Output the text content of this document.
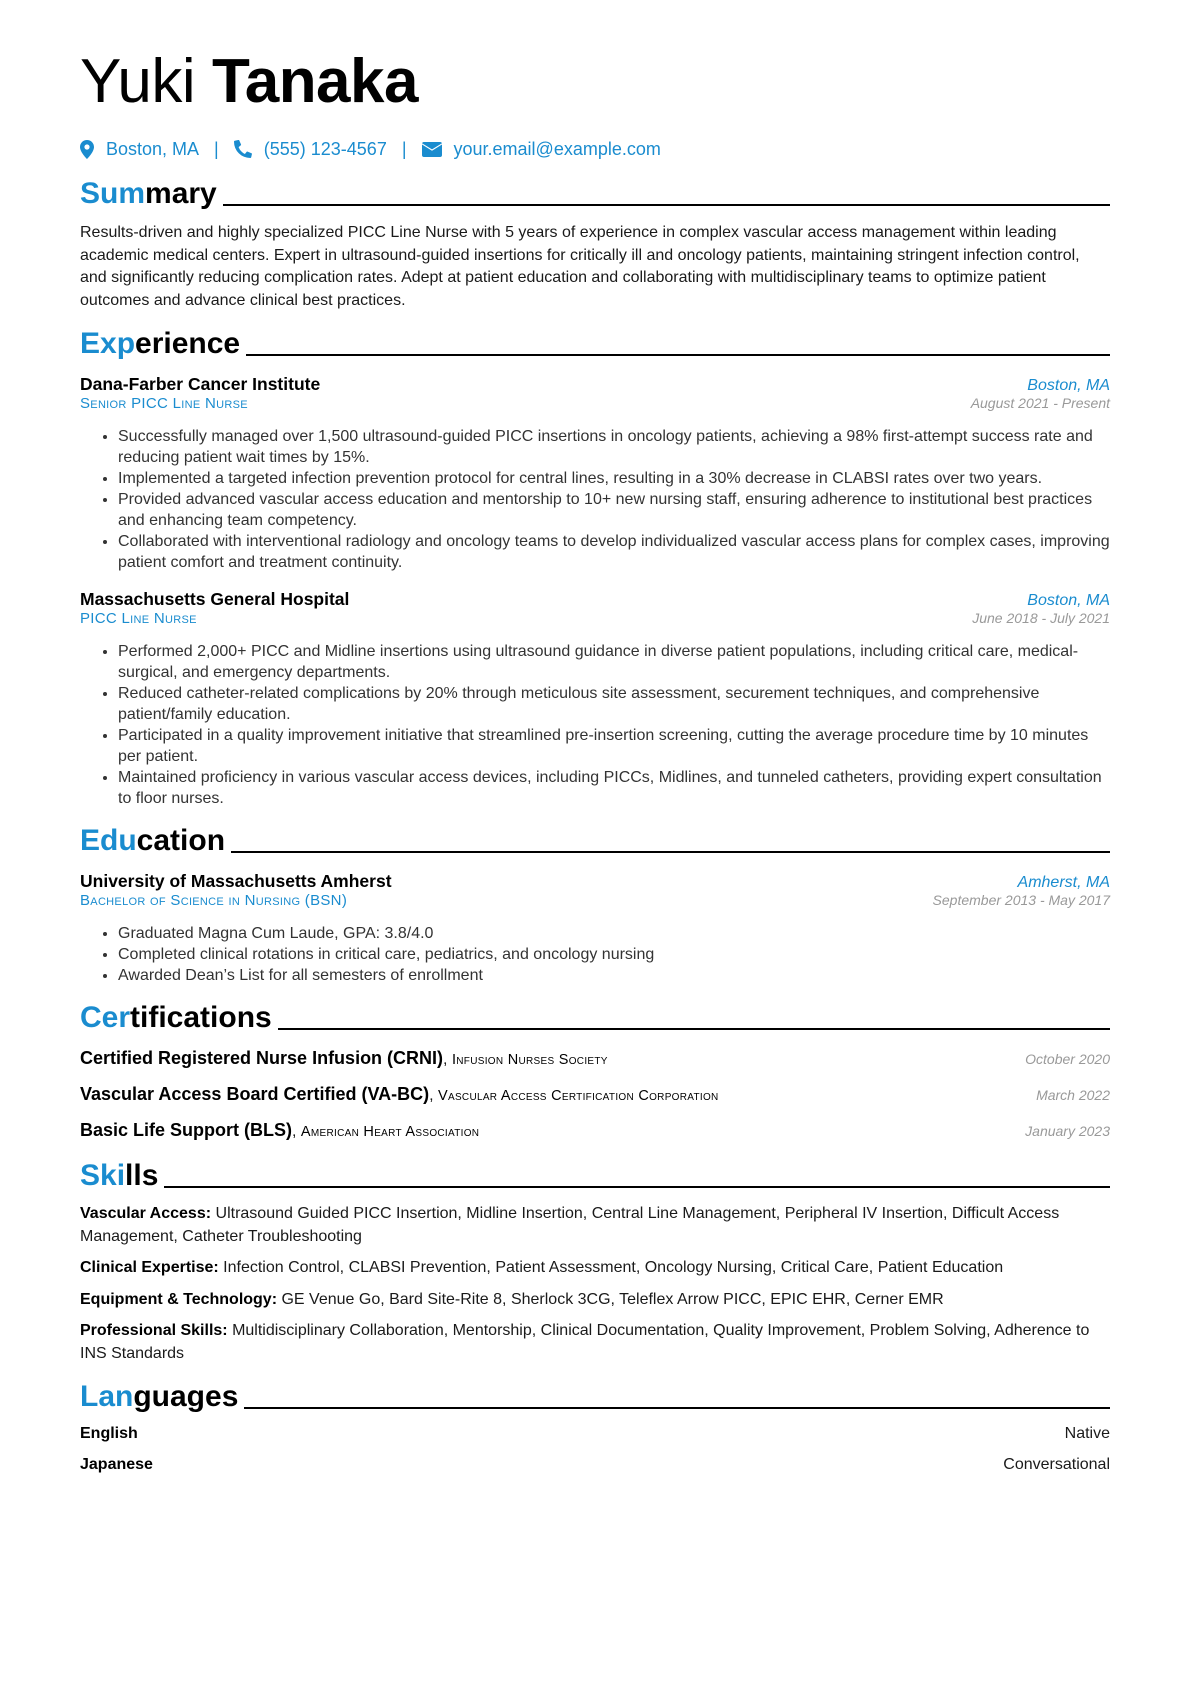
Yuki Tanaka
Boston, MA |	(555) 123-4567 |	your.email@example.com
Summary
Results-driven and highly specialized PICC Line Nurse with 5 years of experience in complex vascular access management within leading academic medical centers. Expert in ultrasound-guided insertions for critically ill and oncology patients, maintaining stringent infection control, and significantly reducing complication rates. Adept at patient education and collaborating with multidisciplinary teams to optimize patient outcomes and advance clinical best practices.
Experience
Dana-Farber Cancer Institute	Boston, MA
Senior PICC Line Nurse	August 2021 - Present
• Successfully managed over 1,500 ultrasound-guided PICC insertions in oncology patients, achieving a 98% first-attempt success rate and reducing patient wait times by 15%.
• Implemented a targeted infection prevention protocol for central lines, resulting in a 30% decrease in CLABSI rates over two years.
• Provided advanced vascular access education and mentorship to 10+ new nursing staff, ensuring adherence to institutional best practices and enhancing team competency.
• Collaborated with interventional radiology and oncology teams to develop individualized vascular access plans for complex cases, improving patient comfort and treatment continuity.
Massachusetts General Hospital	Boston, MA
PICC Line Nurse	June 2018 - July 2021
• Performed 2,000+ PICC and Midline insertions using ultrasound guidance in diverse patient populations, including critical care, medical-surgical, and emergency departments.
• Reduced catheter-related complications by 20% through meticulous site assessment, securement techniques, and comprehensive patient/family education.
• Participated in a quality improvement initiative that streamlined pre-insertion screening, cutting the average procedure time by 10 minutes per patient.
• Maintained proficiency in various vascular access devices, including PICCs, Midlines, and tunneled catheters, providing expert consultation to floor nurses.
Education
University of Massachusetts Amherst	Amherst, MA
Bachelor of Science in Nursing (BSN)	September 2013 - May 2017
• Graduated Magna Cum Laude, GPA: 3.8/4.0
• Completed clinical rotations in critical care, pediatrics, and oncology nursing
• Awarded Dean’s List for all semesters of enrollment
Certifications
Certified Registered Nurse Infusion (CRNI), Infusion Nurses Society	October 2020
Vascular Access Board Certified (VA-BC), Vascular Access Certification Corporation	March 2022
Basic Life Support (BLS), American Heart Association	January 2023
Skills
Vascular Access: Ultrasound Guided PICC Insertion, Midline Insertion, Central Line Management, Peripheral IV Insertion, Difficult Access Management, Catheter Troubleshooting
Clinical Expertise: Infection Control, CLABSI Prevention, Patient Assessment, Oncology Nursing, Critical Care, Patient Education
Equipment & Technology: GE Venue Go, Bard Site-Rite 8, Sherlock 3CG, Teleflex Arrow PICC, EPIC EHR, Cerner EMR
Professional Skills: Multidisciplinary Collaboration, Mentorship, Clinical Documentation, Quality Improvement, Problem Solving, Adherence to INS Standards
Languages
English	Native
Japanese	Conversational
